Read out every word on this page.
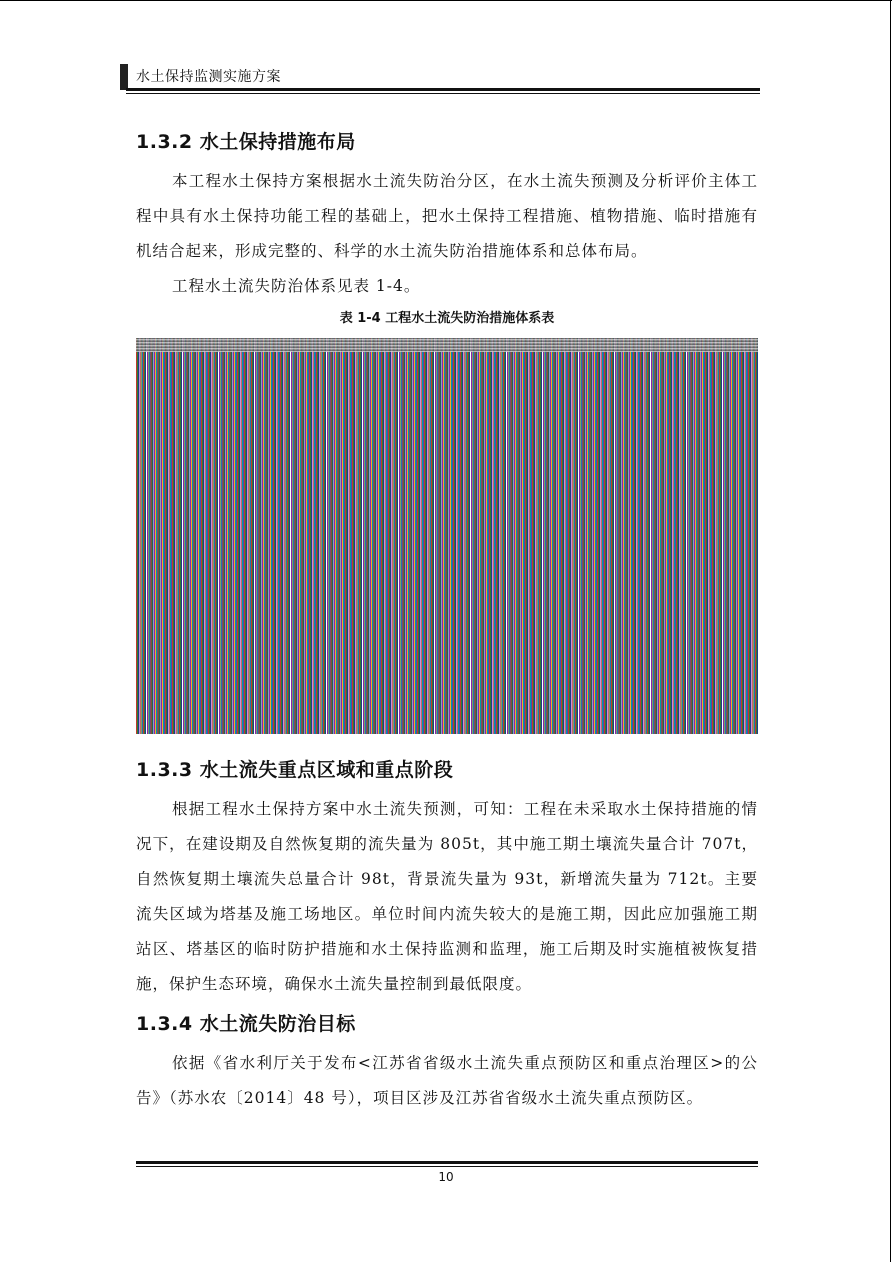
水土保持监测实施方案
1.3.2 水土保持措施布局

本工程水土保持方案根据水土流失防治分区，在水土流失预测及分析评价主体工程中具有水土保持功能工程的基础上，把水土保持工程措施、植物措施、临时措施有机结合起来，形成完整的、科学的水土流失防治措施体系和总体布局。

工程水土流失防治体系见表 1-4。

表 1-4 工程水土流失防治措施体系表
1.3.3 水土流失重点区域和重点阶段

根据工程水土保持方案中水土流失预测，可知：工程在未采取水土保持措施的情况下，在建设期及自然恢复期的流失量为 805t，其中施工期土壤流失量合计 707t，自然恢复期土壤流失总量合计 98t，背景流失量为 93t，新增流失量为 712t。主要流失区域为塔基及施工场地区。单位时间内流失较大的是施工期，因此应加强施工期站区、塔基区的临时防护措施和水土保持监测和监理，施工后期及时实施植被恢复措施，保护生态环境，确保水土流失量控制到最低限度。

1.3.4 水土流失防治目标

依据《省水利厅关于发布<江苏省省级水土流失重点预防区和重点治理区>的公告》（苏水农〔2014〕48 号），项目区涉及江苏省省级水土流失重点预防区。

10
